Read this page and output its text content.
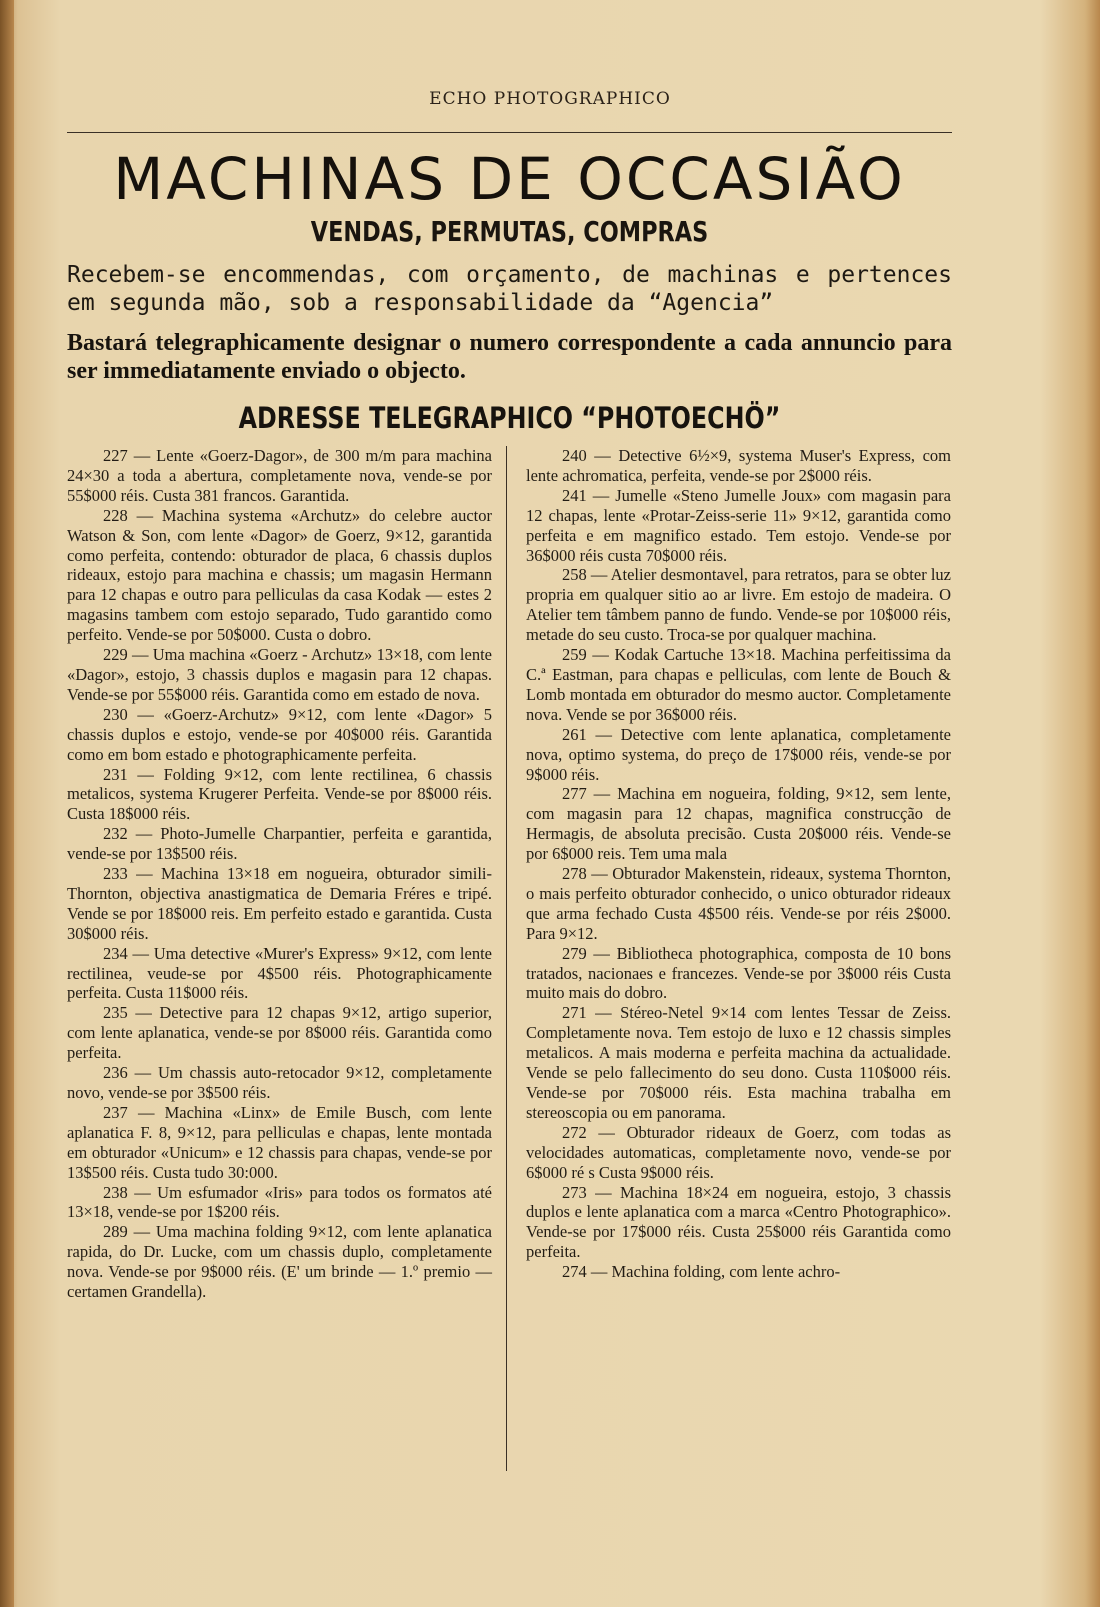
ECHO PHOTOGRAPHICO
MACHINAS DE OCCASIÃO
VENDAS, PERMUTAS, COMPRAS
Recebem-se encommendas, com orçamento, de machinas e pertences em segunda mão, sob a responsabilidade da “Agencia”
Bastará telegraphicamente designar o numero correspondente a cada annuncio para ser immediatamente enviado o objecto.
ADRESSE TELEGRAPHICO “PHOTOECHÖ”

227 — Lente «Goerz-Dagor», de 300 m/m para machina 24×30 a toda a abertura, completamente nova, vende-se por 55$000 réis. Custa 381 francos. Garantida.

228 — Machina systema «Archutz» do celebre auctor Watson & Son, com lente «Dagor» de Goerz, 9×12, garantida como perfeita, contendo: obturador de placa, 6 chassis duplos rideaux, estojo para machina e chassis; um magasin Hermann para 12 chapas e outro para pelliculas da casa Kodak — estes 2 magasins tambem com estojo separado, Tudo garantido como perfeito. Vende-se por 50$000. Custa o dobro.

229 — Uma machina «Goerz - Archutz» 13×18, com lente «Dagor», estojo, 3 chassis duplos e magasin para 12 chapas. Vende-se por 55$000 réis. Garantida como em estado de nova.

230 — «Goerz-Archutz» 9×12, com lente «Dagor» 5 chassis duplos e estojo, vende-se por 40$000 réis. Garantida como em bom estado e photographicamente perfeita.

231 — Folding 9×12, com lente rectilinea, 6 chassis metalicos, systema Krugerer Perfeita. Vende-se por 8$000 réis. Custa 18$000 réis.

232 — Photo-Jumelle Charpantier, perfeita e garantida, vende-se por 13$500 réis.

233 — Machina 13×18 em nogueira, obturador simili-Thornton, objectiva anastigmatica de Demaria Fréres e tripé. Vende se por 18$000 reis. Em perfeito estado e garantida. Custa 30$000 réis.

234 — Uma detective «Murer's Express» 9×12, com lente rectilinea, veude-se por 4$500 réis. Photographicamente perfeita. Custa 11$000 réis.

235 — Detective para 12 chapas 9×12, artigo superior, com lente aplanatica, vende-se por 8$000 réis. Garantida como perfeita.

236 — Um chassis auto-retocador 9×12, completamente novo, vende-se por 3$500 réis.

237 — Machina «Linx» de Emile Busch, com lente aplanatica F. 8, 9×12, para pelliculas e chapas, lente montada em obturador «Unicum» e 12 chassis para chapas, vende-se por 13$500 réis. Custa tudo 30:000.

238 — Um esfumador «Iris» para todos os formatos até 13×18, vende-se por 1$200 réis.

289 — Uma machina folding 9×12, com lente aplanatica rapida, do Dr. Lucke, com um chassis duplo, completamente nova. Vende-se por 9$000 réis. (E' um brinde — 1.º premio — certamen Grandella).

240 — Detective 6½×9, systema Muser's Express, com lente achromatica, perfeita, vende-se por 2$000 réis.

241 — Jumelle «Steno Jumelle Joux» com magasin para 12 chapas, lente «Protar-Zeiss-serie 11» 9×12, garantida como perfeita e em magnifico estado. Tem estojo. Vende-se por 36$000 réis custa 70$000 réis.

258 — Atelier desmontavel, para retratos, para se obter luz propria em qualquer sitio ao ar livre. Em estojo de madeira. O Atelier tem tâmbem panno de fundo. Vende-se por 10$000 réis, metade do seu custo. Troca-se por qualquer machina.

259 — Kodak Cartuche 13×18. Machina perfeitissima da C.ª Eastman, para chapas e pelliculas, com lente de Bouch & Lomb montada em obturador do mesmo auctor. Completamente nova. Vende se por 36$000 réis.

261 — Detective com lente aplanatica, completamente nova, optimo systema, do preço de 17$000 réis, vende-se por 9$000 réis.

277 — Machina em nogueira, folding, 9×12, sem lente, com magasin para 12 chapas, magnifica construcção de Hermagis, de absoluta precisão. Custa 20$000 réis. Vende-se por 6$000 reis. Tem uma mala

278 — Obturador Makenstein, rideaux, systema Thornton, o mais perfeito obturador conhecido, o unico obturador rideaux que arma fechado Custa 4$500 réis. Vende-se por réis 2$000. Para 9×12.

279 — Bibliotheca photographica, composta de 10 bons tratados, nacionaes e francezes. Vende-se por 3$000 réis Custa muito mais do dobro.

271 — Stéreo-Netel 9×14 com lentes Tessar de Zeiss. Completamente nova. Tem estojo de luxo e 12 chassis simples metalicos. A mais moderna e perfeita machina da actualidade. Vende se pelo fallecimento do seu dono. Custa 110$000 réis. Vende-se por 70$000 réis. Esta machina trabalha em stereoscopia ou em panorama.

272 — Obturador rideaux de Goerz, com todas as velocidades automaticas, completamente novo, vende-se por 6$000 ré s Custa 9$000 réis.

273 — Machina 18×24 em nogueira, estojo, 3 chassis duplos e lente aplanatica com a marca «Centro Photographico». Vende-se por 17$000 réis. Custa 25$000 réis Garantida como perfeita.

274 — Machina folding, com lente achro-
